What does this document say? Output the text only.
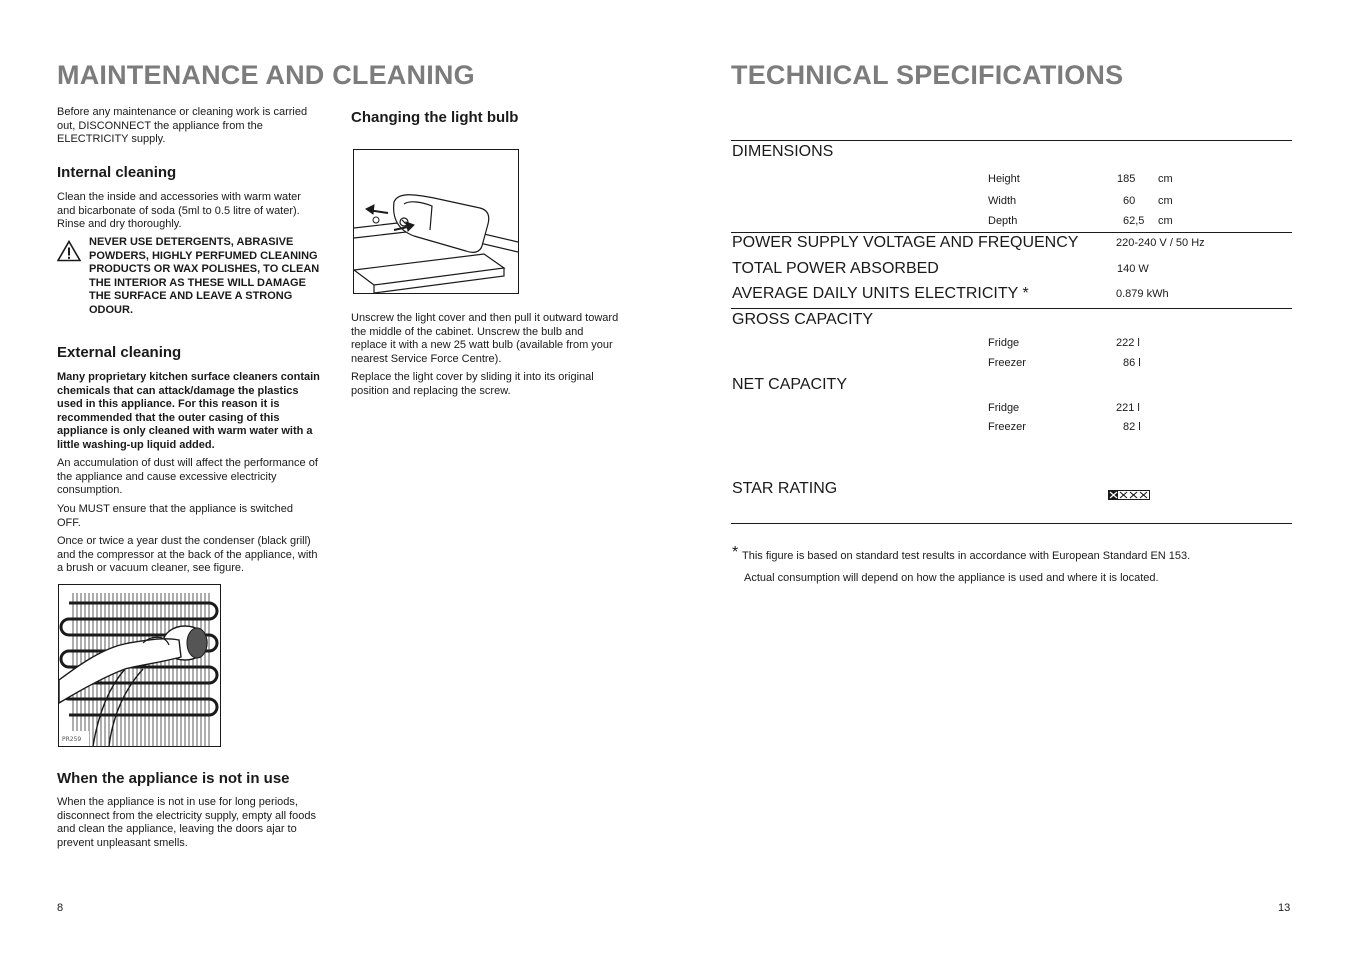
MAINTENANCE AND CLEANING

Before any maintenance or cleaning work is carried out, DISCONNECT the appliance from the ELECTRICITY supply.

Internal cleaning

Clean the inside and accessories with warm water and bicarbonate of soda (5ml to 0.5 litre of water). Rinse and dry thoroughly.

NEVER USE DETERGENTS, ABRASIVE POWDERS, HIGHLY PERFUMED CLEANING PRODUCTS OR WAX POLISHES, TO CLEAN THE INTERIOR AS THESE WILL DAMAGE THE SURFACE AND LEAVE A STRONG ODOUR.

External cleaning

Many proprietary kitchen surface cleaners contain chemicals that can attack/damage the plastics used in this appliance. For this reason it is recommended that the outer casing of this appliance is only cleaned with warm water with a little washing-up liquid added.

An accumulation of dust will affect the performance of the appliance and cause excessive electricity consumption.

You MUST ensure that the appliance is switched OFF.

Once or twice a year dust the condenser (black grill) and the compressor at the back of the appliance, with a brush or vacuum cleaner, see figure.

PR259
When the appliance is not in use

When the appliance is not in use for long periods, disconnect from the electricity supply, empty all foods and clean the appliance, leaving the doors ajar to prevent unpleasant smells.

Changing the light bulb

Unscrew the light cover and then pull it outward toward the middle of the cabinet. Unscrew the bulb and replace it with a new 25 watt bulb (available from your nearest Service Force Centre).

Replace the light cover by sliding it into its original position and replacing the screw.

8
TECHNICAL SPECIFICATIONS
DIMENSIONS
Height	185 cm
Width	60 cm
Depth	62,5 cm
POWER SUPPLY VOLTAGE AND FREQUENCY	220-240 V / 50 Hz
TOTAL POWER ABSORBED	140 W
AVERAGE DAILY UNITS ELECTRICITY *	0.879 kWh
GROSS CAPACITY
Fridge	222 l
Freezer	86 l
NET CAPACITY
Fridge	221 l
Freezer	82 l
STAR RATING
* This figure is based on standard test results in accordance with European Standard EN 153.
Actual consumption will depend on how the appliance is used and where it is located.
13
